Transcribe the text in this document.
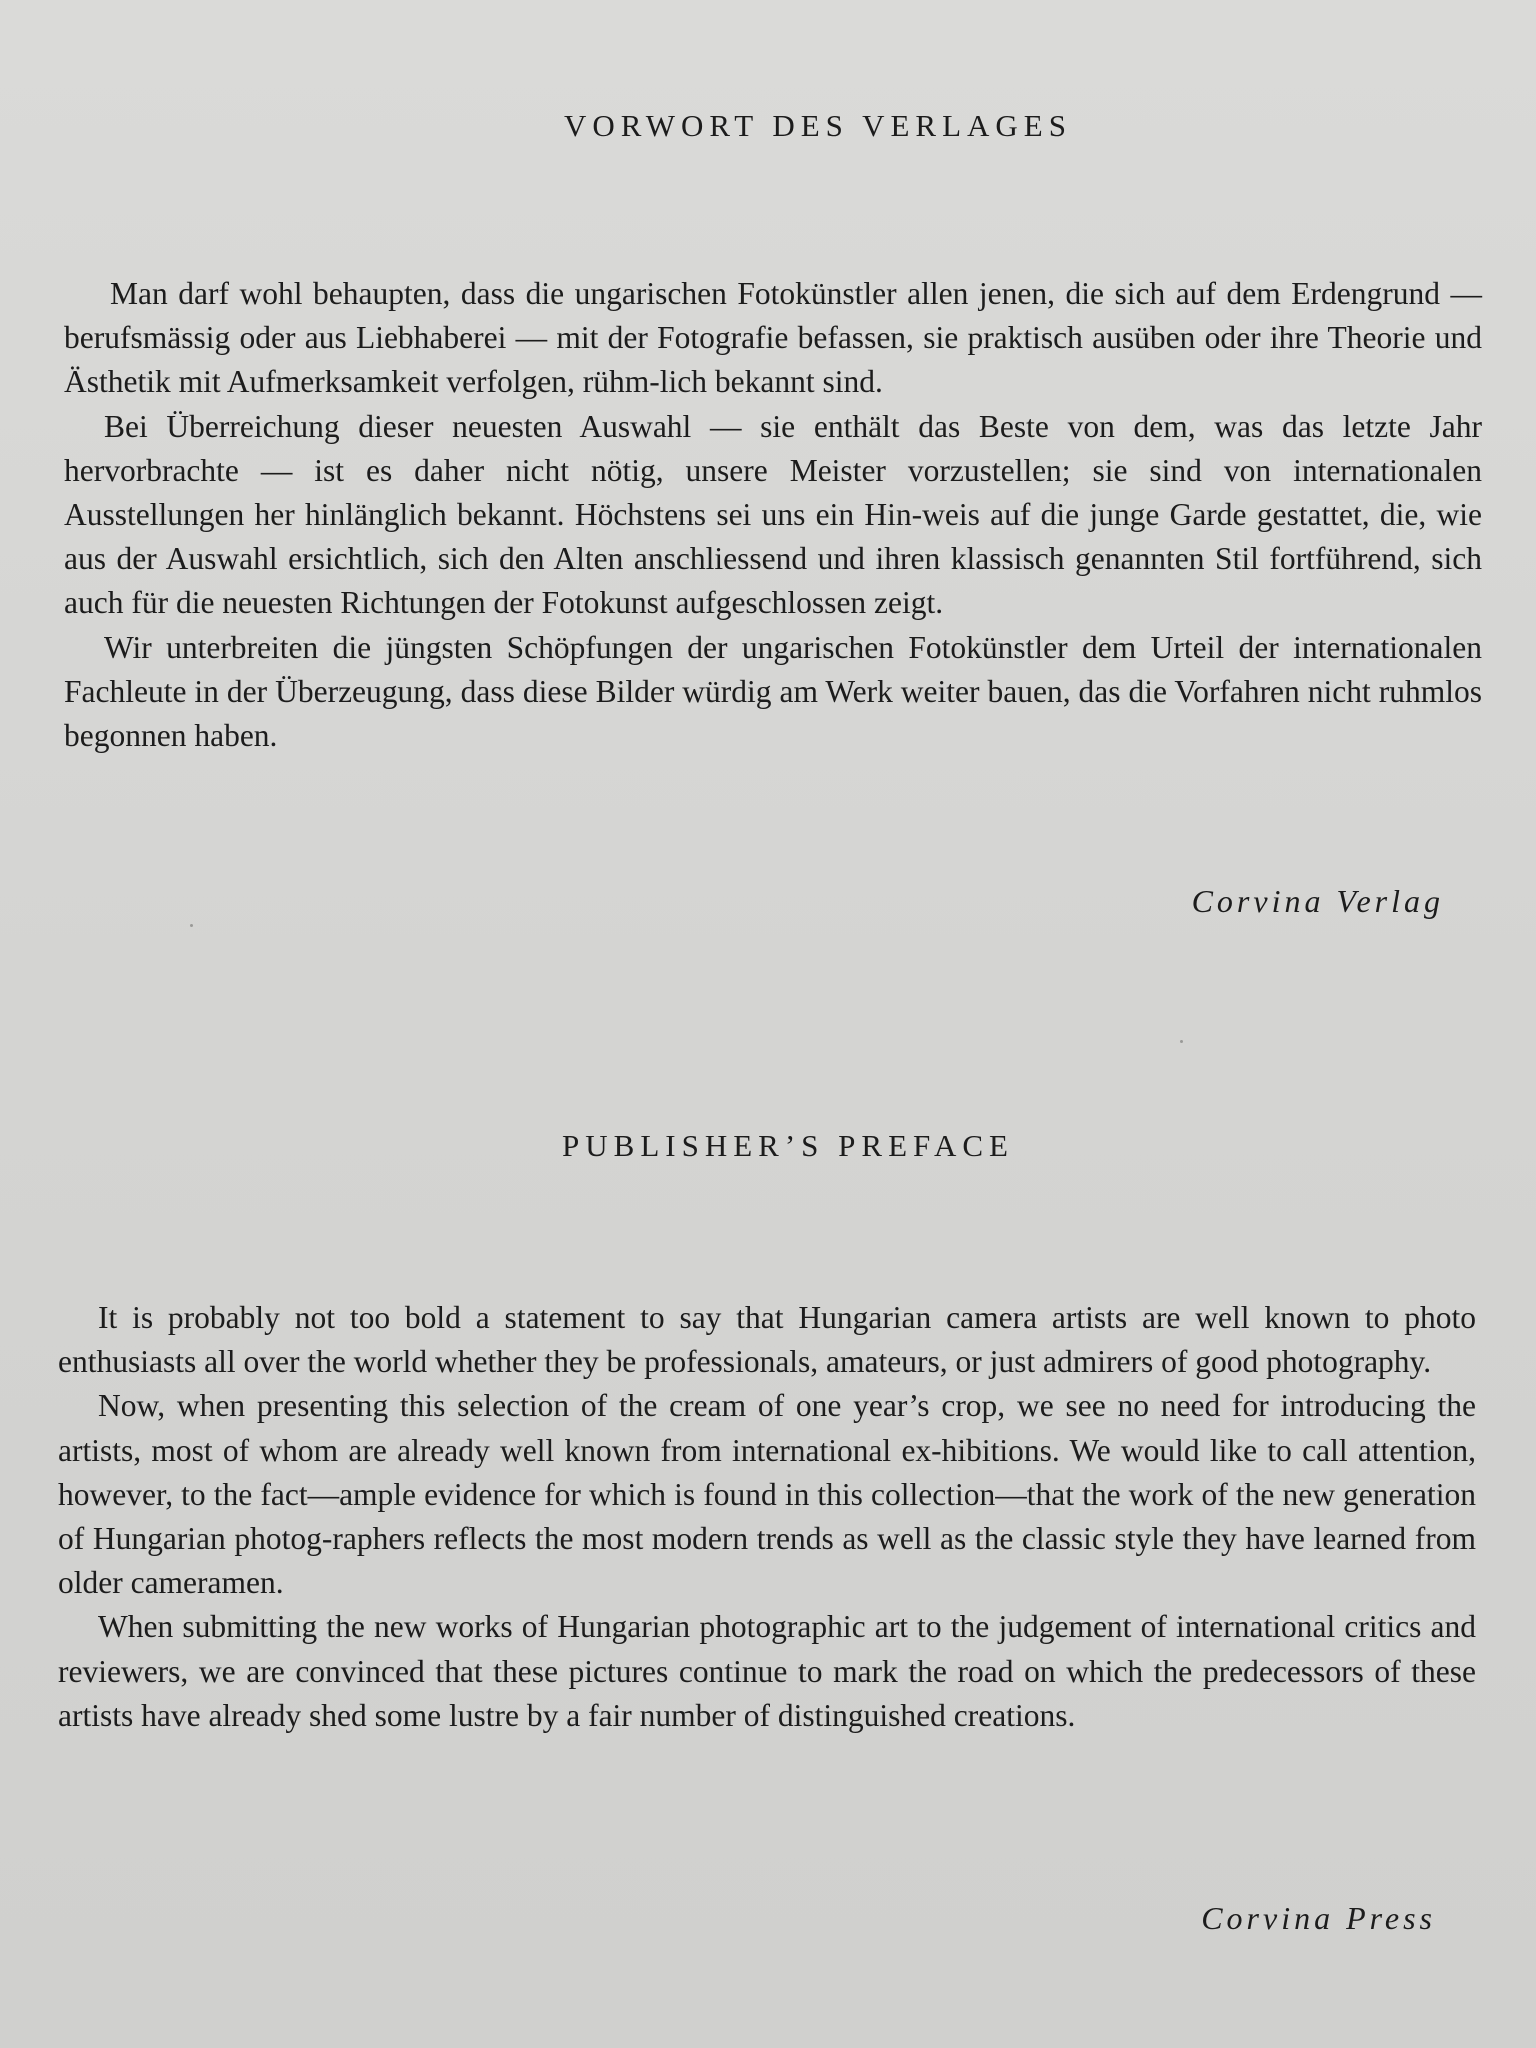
VORWORT DES VERLAGES

Man darf wohl behaupten, dass die ungarischen Fotokünstler allen jenen, die sich auf dem Erdengrund — berufsmässig oder aus Liebhaberei — mit der Fotografie befassen, sie praktisch ausüben oder ihre Theorie und Ästhetik mit Aufmerksamkeit verfolgen, rühm-lich bekannt sind.

Bei Überreichung dieser neuesten Auswahl — sie enthält das Beste von dem, was das letzte Jahr hervorbrachte — ist es daher nicht nötig, unsere Meister vorzustellen; sie sind von internationalen Ausstellungen her hinlänglich bekannt. Höchstens sei uns ein Hin-weis auf die junge Garde gestattet, die, wie aus der Auswahl ersichtlich, sich den Alten anschliessend und ihren klassisch genannten Stil fortführend, sich auch für die neuesten Richtungen der Fotokunst aufgeschlossen zeigt.

Wir unterbreiten die jüngsten Schöpfungen der ungarischen Fotokünstler dem Urteil der internationalen Fachleute in der Überzeugung, dass diese Bilder würdig am Werk weiter bauen, das die Vorfahren nicht ruhmlos begonnen haben.

Corvina Verlag
PUBLISHER’S PREFACE

It is probably not too bold a statement to say that Hungarian camera artists are well known to photo enthusiasts all over the world whether they be professionals, amateurs, or just admirers of good photography.

Now, when presenting this selection of the cream of one year’s crop, we see no need for introducing the artists, most of whom are already well known from international ex-hibitions. We would like to call attention, however, to the fact—ample evidence for which is found in this collection—that the work of the new generation of Hungarian photog-raphers reflects the most modern trends as well as the classic style they have learned from older cameramen.

When submitting the new works of Hungarian photographic art to the judgement of international critics and reviewers, we are convinced that these pictures continue to mark the road on which the predecessors of these artists have already shed some lustre by a fair number of distinguished creations.

Corvina Press
